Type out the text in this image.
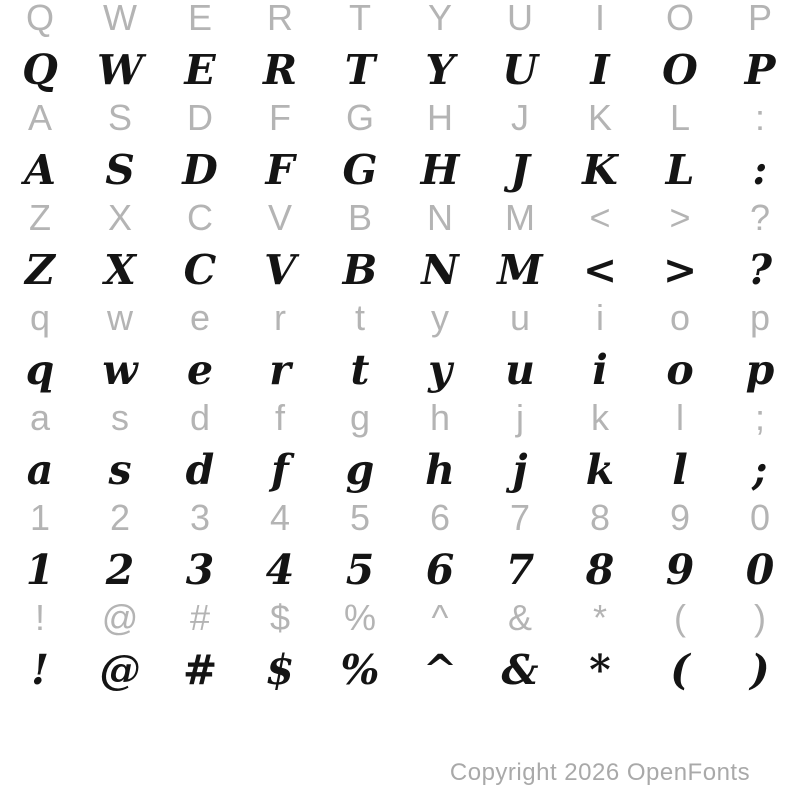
Q	W	E	R	T	Y	U	I	O	P
Q W	E	R	T	Y	U	I	O	P
A	S	D	F	G	H	J	K	L	:
A	S	D	F	G	H	J	K	L	:
Z	X	C	V	B	N	M	<	>	?
Z	X	C	V	B	N M <	>	?
q	w	e	r	t	y	u	i	o	p
q	w	e	r	t	y	u	i	o	p
a	s	d	f	g	h	j	k	l	;
a	s	d	f	g	h	j	k	l	;
1	2	3	4	5	6	7	8	9	0
1	2	3	4	5	6	7	8	9	0
!	@	#	$	%	^	&	*	(	)
!	@	#	$	%	^	&	*	(	)
Copyright 2026 OpenFonts
